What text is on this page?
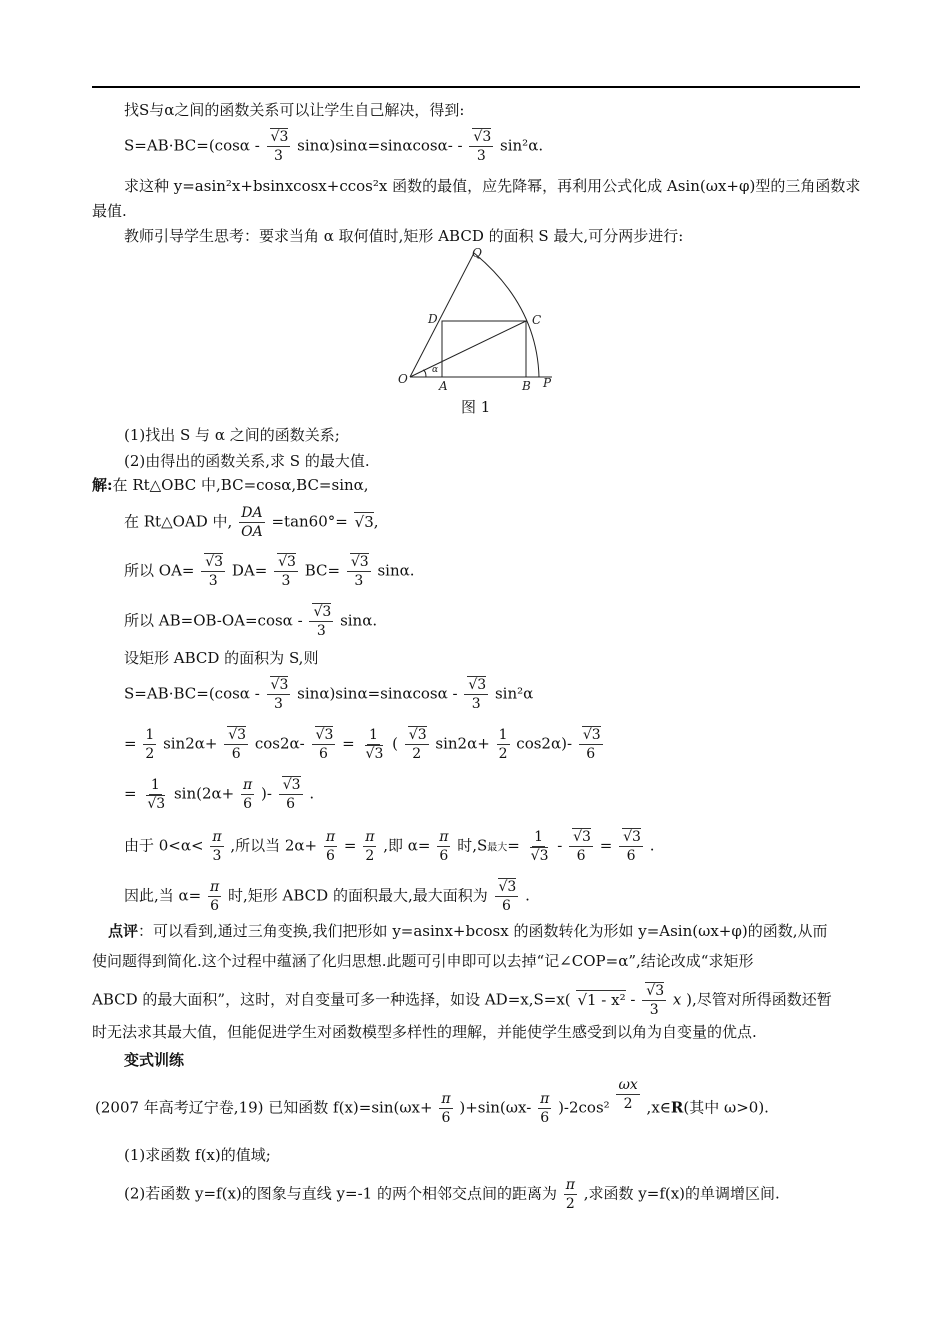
找S与α之间的函数关系可以让学生自己解决，得到:
S=AB·BC=(cosα - √ $\frac{3}{3} \sin\alpha)\sin\alpha=\sin\alpha\cos\alpha-$ - √ $\frac{3}{3} \sin^2\alpha$.
求这种 y=asin²x+bsinxcosx+ccos²x 函数的最值，应先降幂，再利用公式化成 Asin(ωx+φ)型的三角函数求
最值.
教师引导学生思考：要求当角 α 取何值时,矩形 ABCD 的面积 S 最大,可分两步进行:
Q
D	C
O
α
A	B P
图 1
(1)找出 S 与 α 之间的函数关系;
(2)由得出的函数关系,求 S 的最大值.
解:在 Rt△OBC 中,BC=cosα,BC=sinα,
在 Rt△OAD 中, $\frac{DA}{OA} =\tan 60^\circ=$ √ 3,
所以 OA= √ $\frac{3}{3} DA=$ √ $\frac{3}{3} BC=$ √ $\frac{3}{3} \sin\alpha$.
所以 AB=OB-OA=cosα - √ $\frac{3}{3} \sin\alpha$.
设矩形 ABCD 的面积为 S,则
S=AB·BC=(cosα - √ $\frac{3}{3} \sin\alpha)\sin\alpha=\sin\alpha\cos\alpha$ - √ $\frac{3}{3} \sin^2\alpha$
= $\frac{1}{2} \sin 2\alpha+$ √ $\frac{3}{6} \cos 2\alpha-$ √ $\frac{3}{6} = 1$
√ 3 ( √ $\frac{3}{2} \sin 2\alpha+ \frac{1}{2} \cos 2\alpha)-$ √ $\frac{3}{6}$
= 1
√ 3 $\sin(2\alpha+ \frac{\pi}{6}$ )- √ $\frac{3}{6}$ .
由于 $0<\alpha< \frac{\pi}{3}$ ,所以当 $2\alpha+ \frac{\pi}{6} = \frac{\pi}{2}$ ,即 $\alpha= \frac{\pi}{6}$ 时,S最大= 1
√ 3 - √ $\frac{3}{6}$ = √ $\frac{3}{6}$ .
因此,当 $\alpha= \frac{\pi}{6}$ 时,矩形 ABCD 的面积最大,最大面积为 √ $\frac{3}{6}$ .
点评：可以看到,通过三角变换,我们把形如 y=asinx+bcosx 的函数转化为形如 y=Asin(ωx+φ)的函数,从而
使问题得到简化.这个过程中蕴涵了化归思想.此题可引申即可以去掉“记∠COP=α”,结论改成“求矩形
ABCD 的最大面积”，这时，对自变量可多一种选择，如设 AD=x,S=x( √ 1 - x² - √ $\frac{3}{3}$ x ),尽管对所得函数还暂
时无法求其最大值，但能促进学生对函数模型多样性的理解，并能使学生感受到以角为自变量的优点.
变式训练
(2007 年高考辽宁卷,19) 已知函数 $f(x)=\sin(\omega x+ \frac{\pi}{6} )+\sin(\omega x- \frac{\pi}{6} )-2\cos^2 \frac{\omega x}{2}$ ,x∈R(其中 ω>0).
(1)求函数 f(x)的值域;
(2)若函数 y=f(x)的图象与直线 y=-1 的两个相邻交点间的距离为 $\frac{\pi}{2}$ ,求函数 y=f(x)的单调增区间.
